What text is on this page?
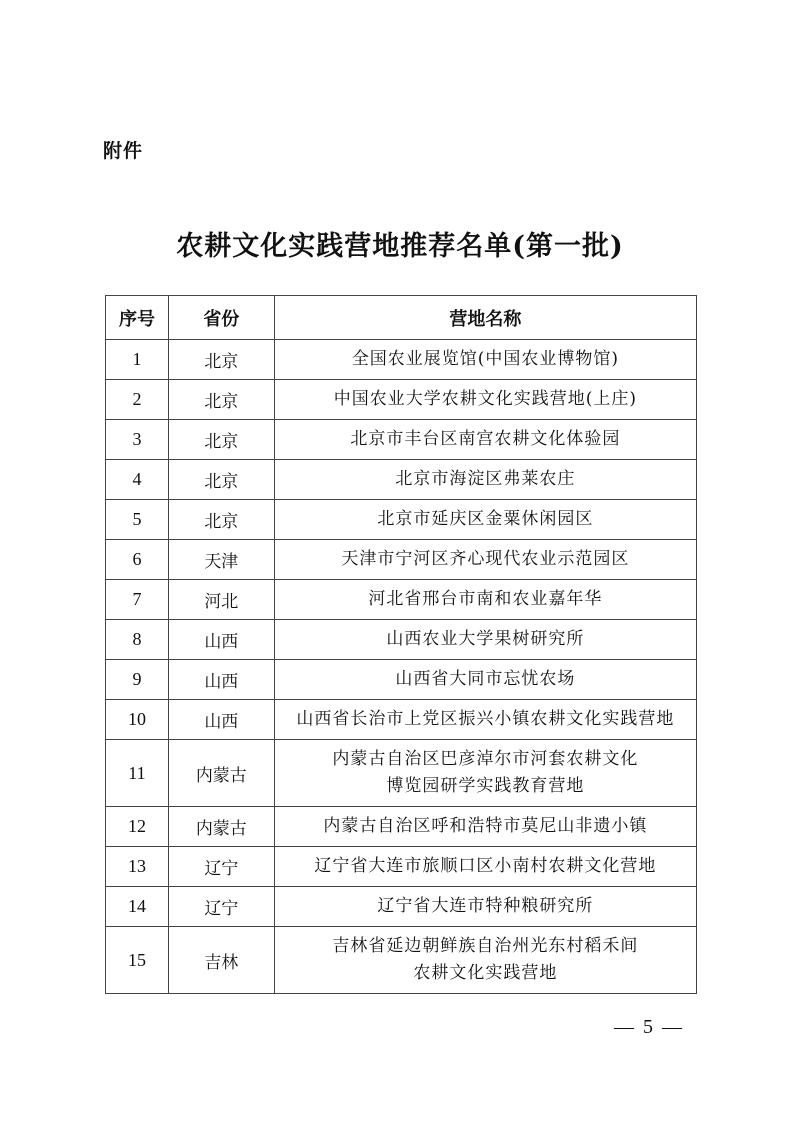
附件
农耕文化实践营地推荐名单(第一批)
序号	省份	营地名称
1	北京	全国农业展览馆(中国农业博物馆)

2	北京	中国农业大学农耕文化实践营地(上庄)

3	北京	北京市丰台区南宫农耕文化体验园

4	北京	北京市海淀区弗莱农庄

5	北京	北京市延庆区金粟休闲园区

6	天津	天津市宁河区齐心现代农业示范园区

7	河北	河北省邢台市南和农业嘉年华

8	山西	山西农业大学果树研究所

9	山西	山西省大同市忘忧农场

10	山西	山西省长治市上党区振兴小镇农耕文化实践营地

11	内蒙古	内蒙古自治区巴彦淖尔市河套农耕文化
博览园研学实践教育营地

12	内蒙古	内蒙古自治区呼和浩特市莫尼山非遗小镇

13	辽宁	辽宁省大连市旅顺口区小南村农耕文化营地

14	辽宁	辽宁省大连市特种粮研究所

15	吉林	吉林省延边朝鲜族自治州光东村稻禾间
农耕文化实践营地
— 5 —
